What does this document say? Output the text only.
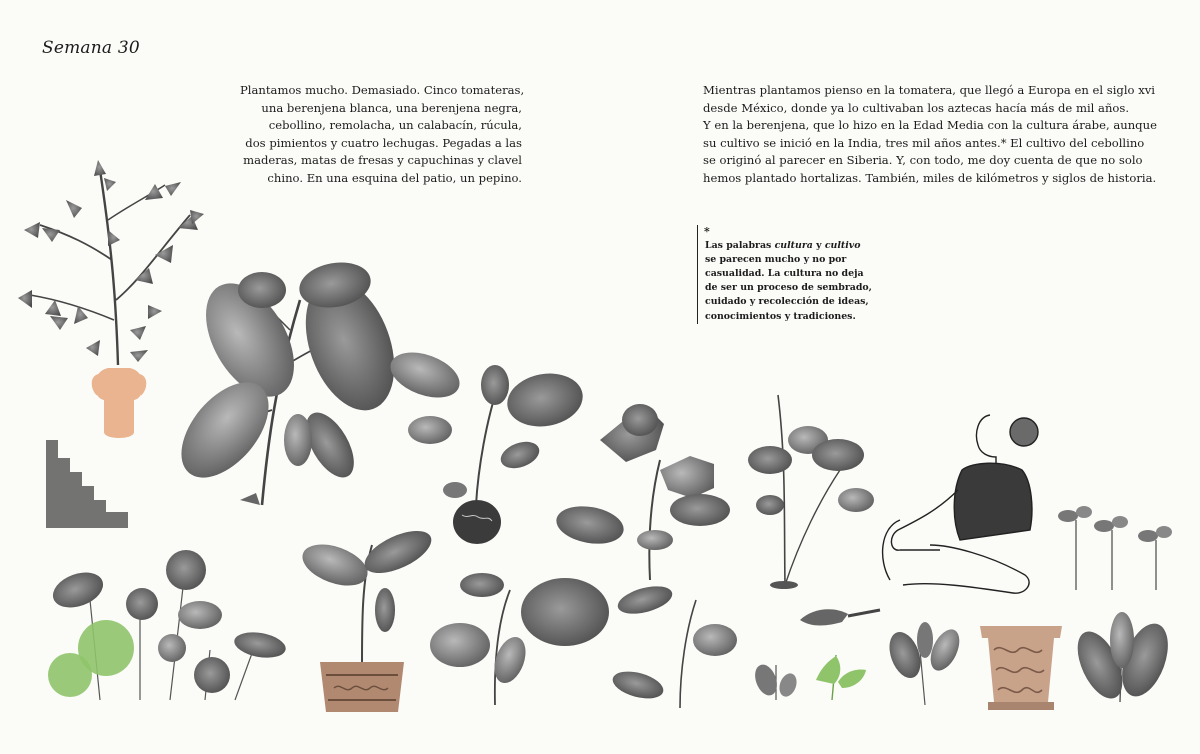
Semana 30
Plantamos mucho. Demasiado. Cinco tomateras,
una berenjena blanca, una berenjena negra,
cebollino, remolacha, un calabacín, rúcula,
dos pimientos y cuatro lechugas. Pegadas a las
maderas, matas de fresas y capuchinas y clavel
chino. En una esquina del patio, un pepino.
Mientras plantamos pienso en la tomatera, que llegó a Europa en el siglo xvi
desde México, donde ya lo cultivaban los aztecas hacía más de mil años.
Y en la berenjena, que lo hizo en la Edad Media con la cultura árabe, aunque
su cultivo se inició en la India, tres mil años antes.* El cultivo del cebollino
se originó al parecer en Siberia. Y, con todo, me doy cuenta de que no solo
hemos plantado hortalizas. También, miles de kilómetros y siglos de historia.
*
Las palabras cultura y cultivo
se parecen mucho y no por
casualidad. La cultura no deja
de ser un proceso de sembrado,
cuidado y recolección de ideas,
conocimientos y tradiciones.
